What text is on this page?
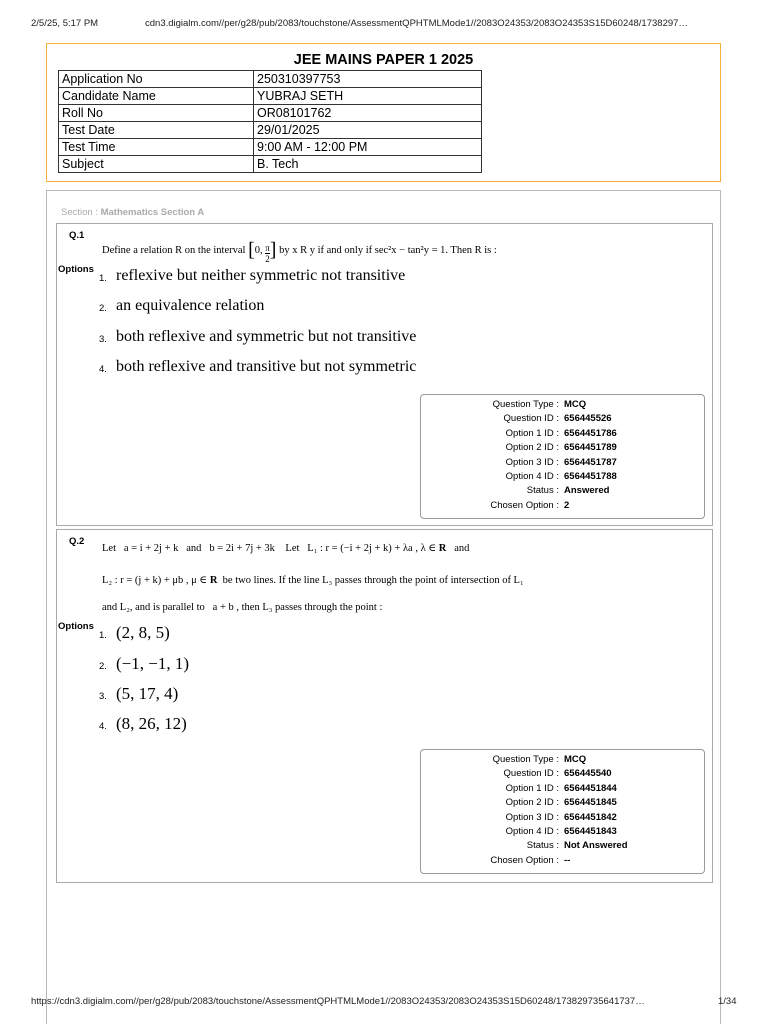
2/5/25, 5:17 PM	cdn3.digialm.com//per/g28/pub/2083/touchstone/AssessmentQPHTMLMode1//2083O24353/2083O24353S15D60248/1738297…
JEE MAINS PAPER 1 2025
Application No	250310397753
Candidate Name	YUBRAJ SETH
Roll No	OR08101762
Test Date	29/01/2025
Test Time	9:00 AM - 12:00 PM
Subject	B. Tech
Section : Mathematics Section A
Q.1
Define a relation R on the interval [0, $\frac{\pi}{2}$ ] by x R y if and only if sec²x − tan²y = 1. Then R is :
Options
1. reflexive but neither symmetric not transitive
2. an equivalence relation
3. both reflexive and symmetric but not transitive
4. both reflexive and transitive but not symmetric
Question Type : MCQ
Question ID : 656445526
Option 1 ID : 6564451786
Option 2 ID : 6564451789
Option 3 ID : 6564451787
Option 4 ID : 6564451788
Status : Answered
Chosen Option : 2
Q.2
Let a = i + 2j + k and b = 2i + 7j + 3k Let L₁ : r = (−i + 2j + k) + λa , λ ∈ R and
L₂ : r = (j + k) + μb , μ ∈ R be two lines. If the line L₃ passes through the point of intersection of L₁
and L₂, and is parallel to a + b , then L₃ passes through the point :
Options
1. (2, 8, 5)
2. (−1, −1, 1)
3. (5, 17, 4)
4. (8, 26, 12)
Question Type : MCQ
Question ID : 656445540
Option 1 ID : 6564451844
Option 2 ID : 6564451845
Option 3 ID : 6564451842
Option 4 ID : 6564451843
Status : Not Answered
Chosen Option : --
https://cdn3.digialm.com//per/g28/pub/2083/touchstone/AssessmentQPHTMLMode1//2083O24353/2083O24353S15D60248/173829735641737…	1/34
